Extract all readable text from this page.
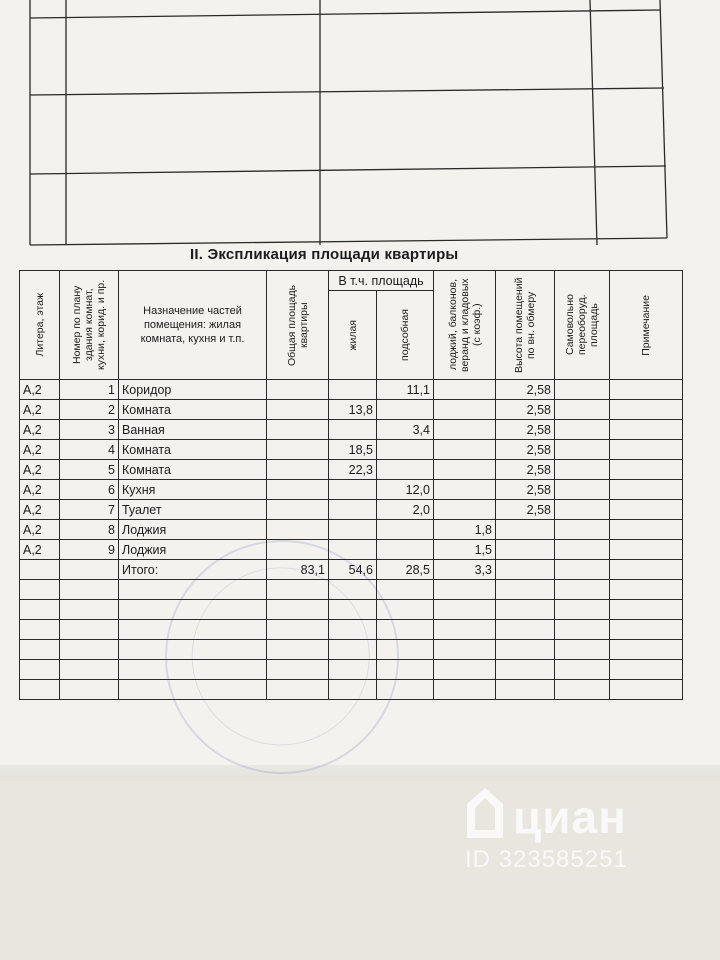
II. Экспликация площади квартиры
Литера, этаж	Номер по плану здания комнат, кухни, корид. и пр.	Назначение частей помещения: жилая комната, кухня и т.п.	Общая площадь квартиры	В т.ч. площадь		лоджий, балконов, веранд и кладовых (с коэф.)	Высота помещений по вн. обмеру	Самовольно переоборуд. площадь	Примечание

				жилая	подсобная				

А,2	1	Коридор			11,1		2,58		
А,2	2	Комната		13,8			2,58		
А,2	3	Ванная			3,4		2,58		
А,2	4	Комната		18,5			2,58		
А,2	5	Комната		22,3			2,58		
А,2	6	Кухня			12,0		2,58		
А,2	7	Туалет			2,0		2,58		
А,2	8	Лоджия				1,8			
А,2	9	Лоджия				1,5			
		Итого:	83,1	54,6	28,5	3,3			

циан
ID 323585251
